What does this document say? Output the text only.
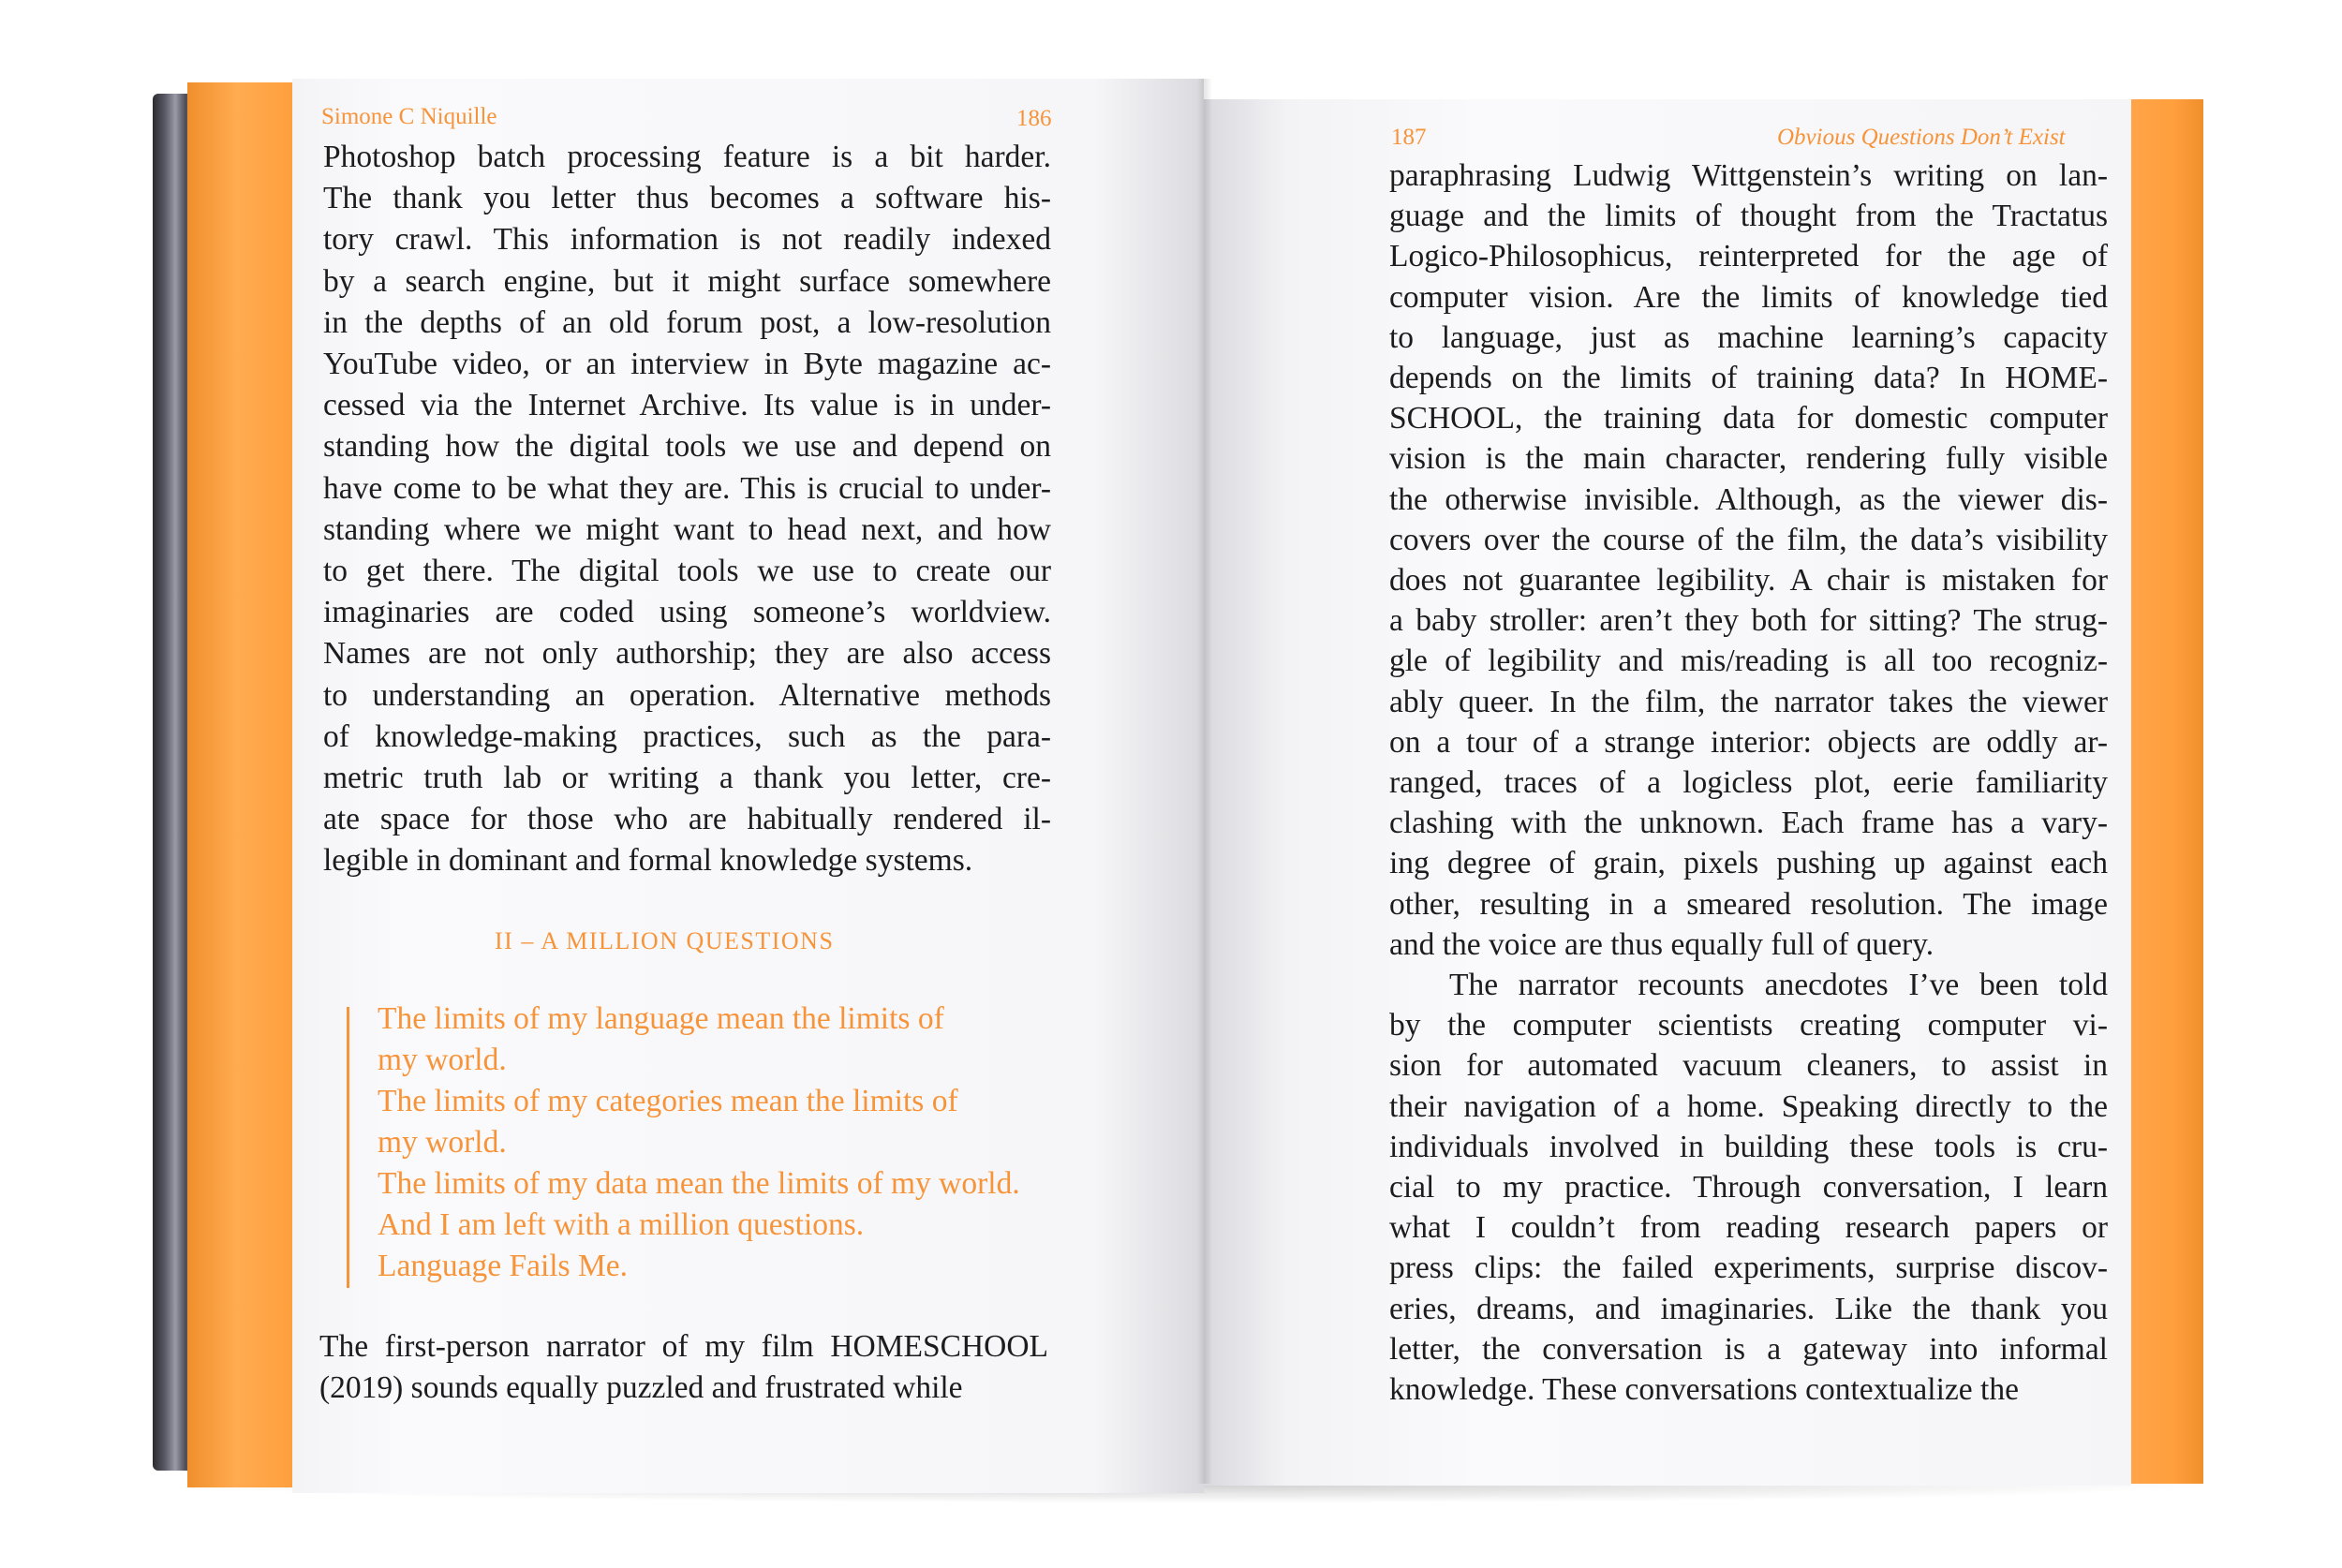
Simone C Niquille	186
Photoshop batch processing feature is a bit harder.
The thank you letter thus becomes a software his-
tory crawl. This information is not readily indexed
by a search engine, but it might surface somewhere
in the depths of an old forum post, a low-resolution
YouTube video, or an interview in Byte magazine ac-
cessed via the Internet Archive. Its value is in under-
standing how the digital tools we use and depend on
have come to be what they are. This is crucial to under-
standing where we might want to head next, and how
to get there. The digital tools we use to create our
imaginaries are coded using someone’s worldview.
Names are not only authorship; they are also access
to understanding an operation. Alternative methods
of knowledge-making practices, such as the para-
metric truth lab or writing a thank you letter, cre-
ate space for those who are habitually rendered il-
legible in dominant and formal knowledge systems.
II – A MILLION QUESTIONS
The limits of my language mean the limits of
my world.
The limits of my categories mean the limits of
my world.
The limits of my data mean the limits of my world.
And I am left with a million questions.
Language Fails Me.
The first-person narrator of my film HOMESCHOOL
(2019) sounds equally puzzled and frustrated while
187	Obvious Questions Don’t Exist
paraphrasing Ludwig Wittgenstein’s writing on lan-
guage and the limits of thought from the Tractatus
Logico-Philosophicus, reinterpreted for the age of
computer vision. Are the limits of knowledge tied
to language, just as machine learning’s capacity
depends on the limits of training data? In HOME-
SCHOOL, the training data for domestic computer
vision is the main character, rendering fully visible
the otherwise invisible. Although, as the viewer dis-
covers over the course of the film, the data’s visibility
does not guarantee legibility. A chair is mistaken for
a baby stroller: aren’t they both for sitting? The strug-
gle of legibility and mis/reading is all too recogniz-
ably queer. In the film, the narrator takes the viewer
on a tour of a strange interior: objects are oddly ar-
ranged, traces of a logicless plot, eerie familiarity
clashing with the unknown. Each frame has a vary-
ing degree of grain, pixels pushing up against each
other, resulting in a smeared resolution. The image
and the voice are thus equally full of query.
The narrator recounts anecdotes I’ve been told
by the computer scientists creating computer vi-
sion for automated vacuum cleaners, to assist in
their navigation of a home. Speaking directly to the
individuals involved in building these tools is cru-
cial to my practice. Through conversation, I learn
what I couldn’t from reading research papers or
press clips: the failed experiments, surprise discov-
eries, dreams, and imaginaries. Like the thank you
letter, the conversation is a gateway into informal
knowledge. These conversations contextualize the
